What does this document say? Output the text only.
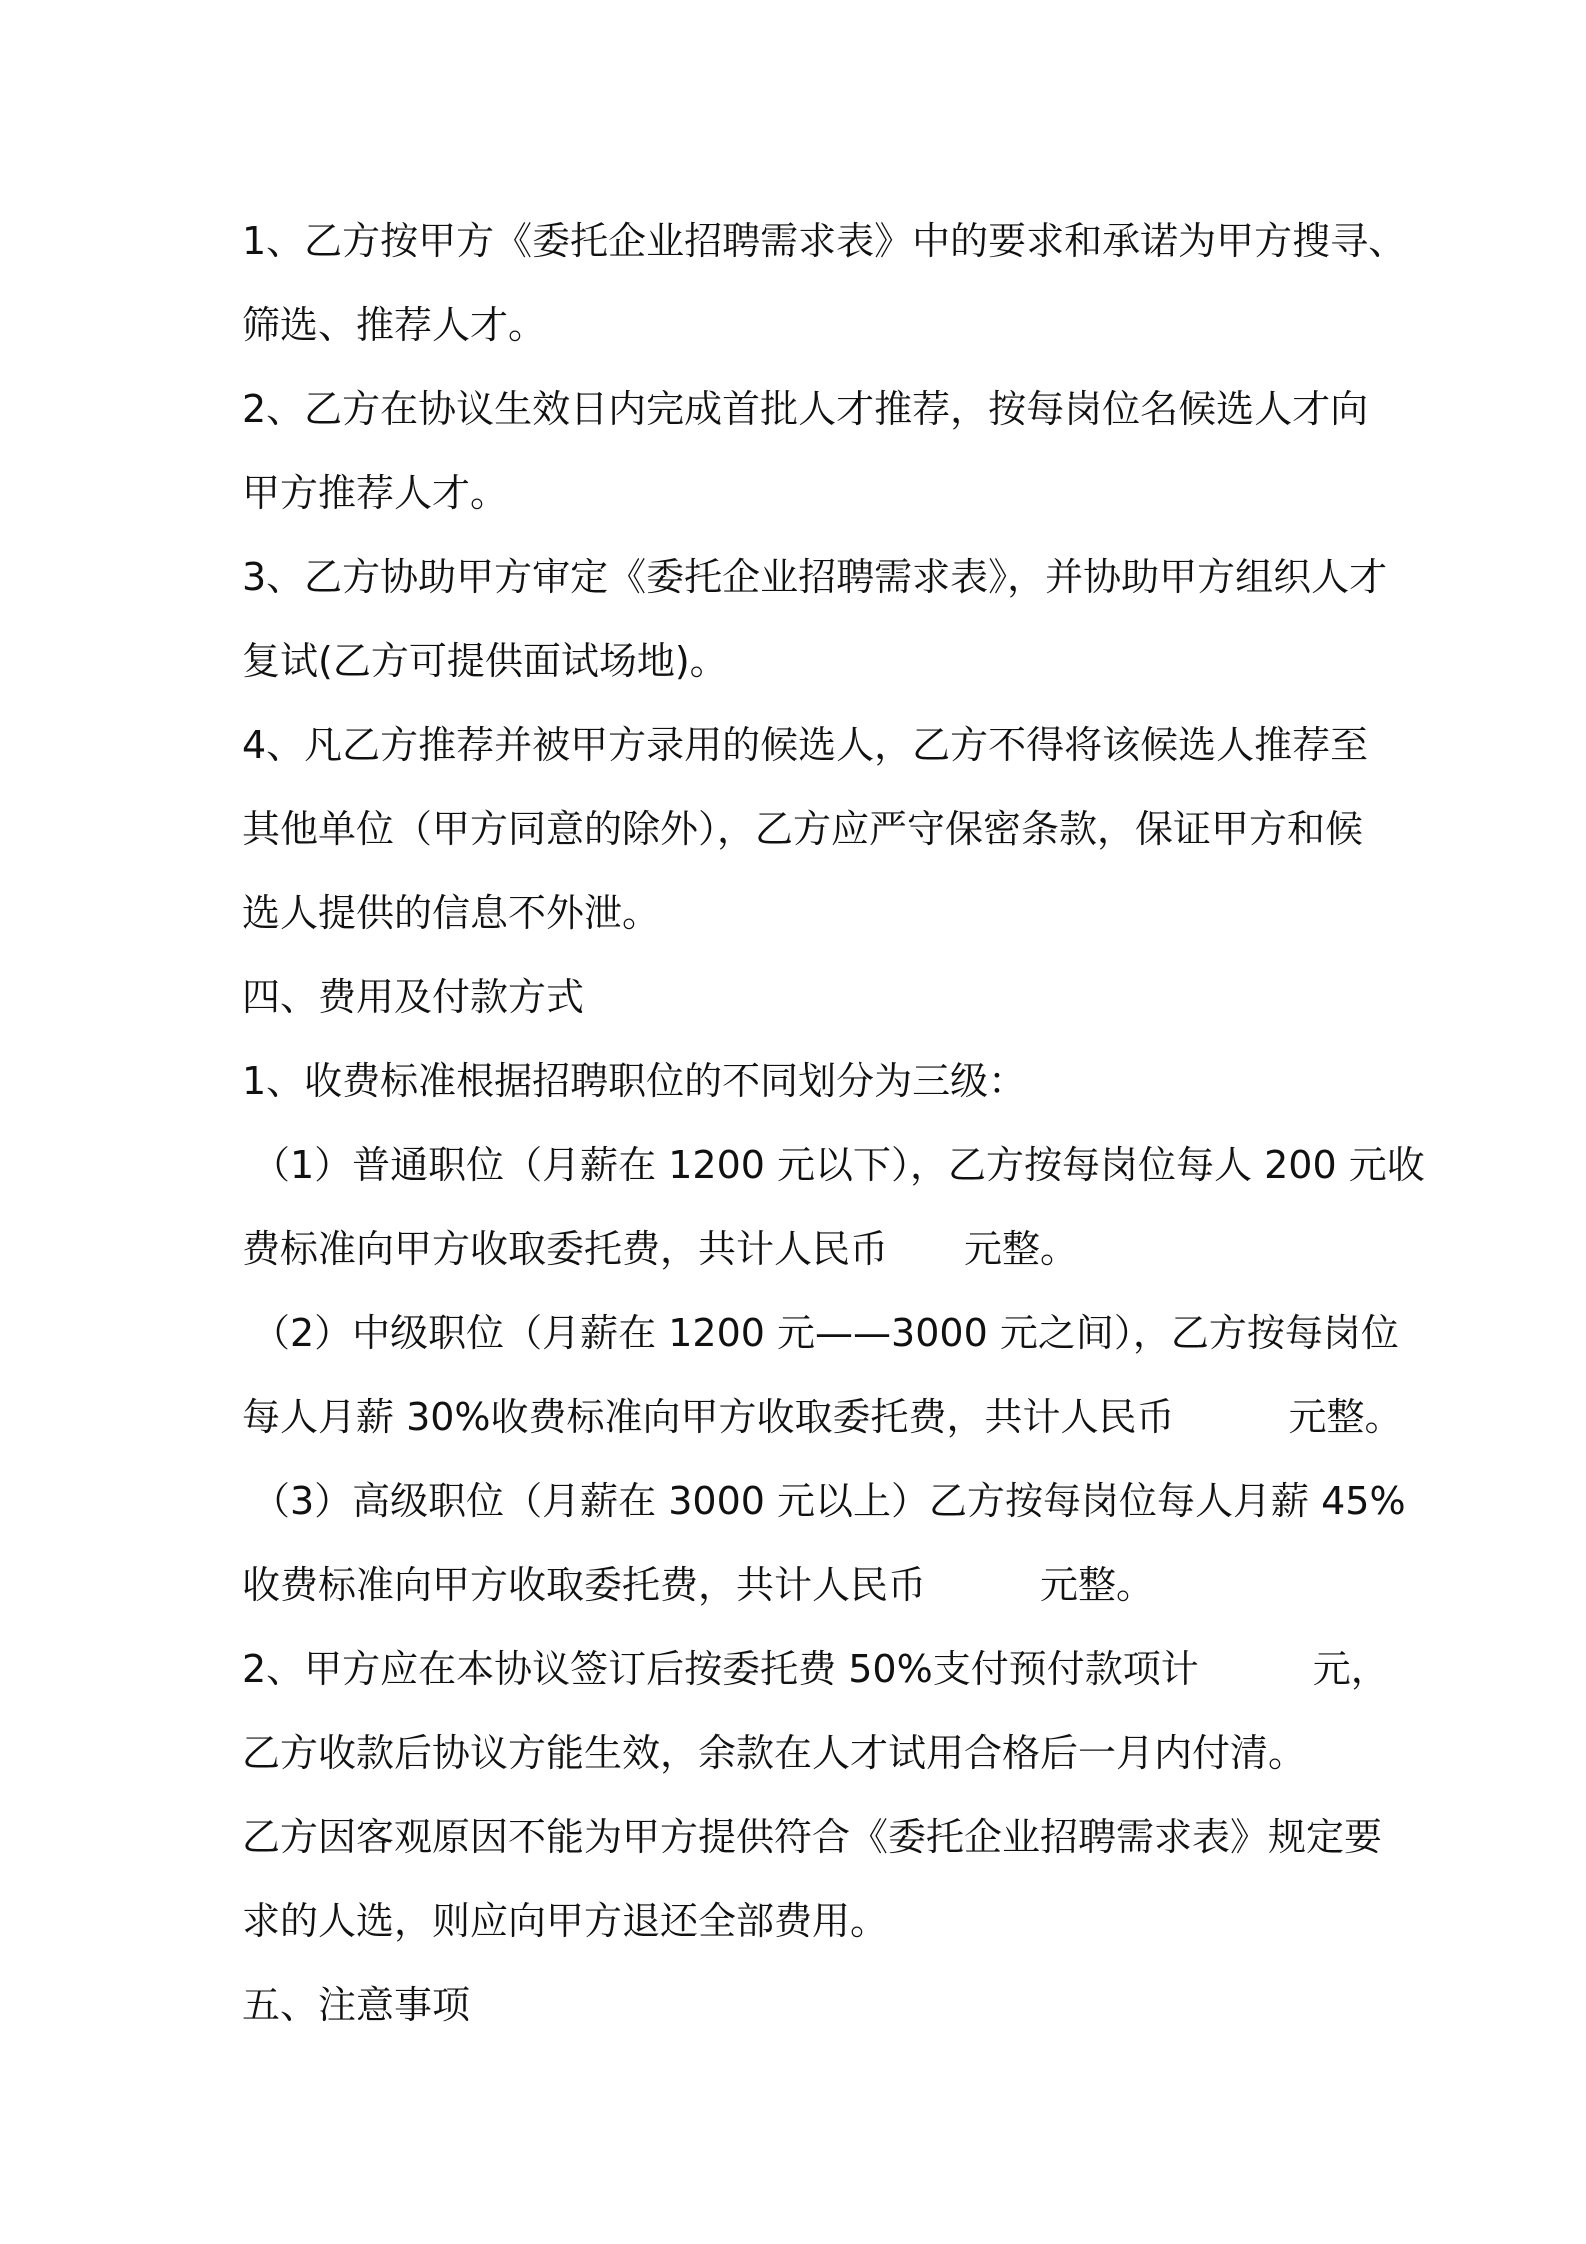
1、乙方按甲方《委托企业招聘需求表》中的要求和承诺为甲方搜寻、
筛选、推荐人才。
2、乙方在协议生效日内完成首批人才推荐，按每岗位名候选人才向
甲方推荐人才。
3、乙方协助甲方审定《委托企业招聘需求表》，并协助甲方组织人才
复试(乙方可提供面试场地)。
4、凡乙方推荐并被甲方录用的候选人，乙方不得将该候选人推荐至
其他单位（甲方同意的除外），乙方应严守保密条款，保证甲方和候
选人提供的信息不外泄。
四、费用及付款方式
1、收费标准根据招聘职位的不同划分为三级：
（1）普通职位（月薪在 1200 元以下），乙方按每岗位每人 200 元收
费标准向甲方收取委托费，共计人民币　　元整。
（2）中级职位（月薪在 1200 元——3000 元之间），乙方按每岗位
每人月薪 30%收费标准向甲方收取委托费，共计人民币　　　元整。
（3）高级职位（月薪在 3000 元以上）乙方按每岗位每人月薪 45%
收费标准向甲方收取委托费，共计人民币　　　元整。
2、甲方应在本协议签订后按委托费 50%支付预付款项计　　　元，
乙方收款后协议方能生效，余款在人才试用合格后一月内付清。
乙方因客观原因不能为甲方提供符合《委托企业招聘需求表》规定要
求的人选，则应向甲方退还全部费用。
五、注意事项
